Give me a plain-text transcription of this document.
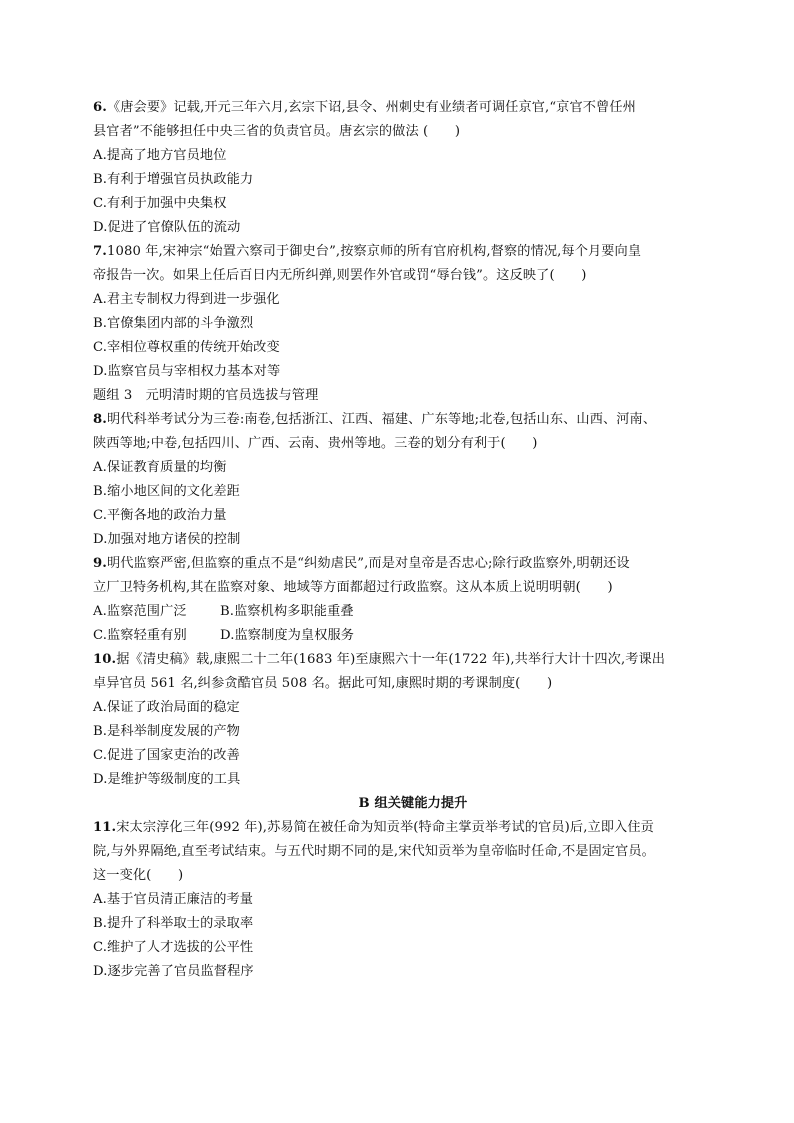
6.《唐会要》记载,开元三年六月,玄宗下诏,县令、州刺史有业绩者可调任京官,“京官不曾任州
县官者”不能够担任中央三省的负责官员。唐玄宗的做法 (　　)
A.提高了地方官员地位
B.有利于增强官员执政能力
C.有利于加强中央集权
D.促进了官僚队伍的流动
7.1080 年,宋神宗“始置六察司于御史台”,按察京师的所有官府机构,督察的情况,每个月要向皇
帝报告一次。如果上任后百日内无所纠弹,则罢作外官或罚“辱台钱”。这反映了(　　)
A.君主专制权力得到进一步强化
B.官僚集团内部的斗争激烈
C.宰相位尊权重的传统开始改变
D.监察官员与宰相权力基本对等
题组 3　元明清时期的官员选拔与管理
8.明代科举考试分为三卷:南卷,包括浙江、江西、福建、广东等地;北卷,包括山东、山西、河南、
陕西等地;中卷,包括四川、广西、云南、贵州等地。三卷的划分有利于(　　)
A.保证教育质量的均衡
B.缩小地区间的文化差距
C.平衡各地的政治力量
D.加强对地方诸侯的控制
9.明代监察严密,但监察的重点不是“纠劾虐民”,而是对皇帝是否忠心;除行政监察外,明朝还设
立厂卫特务机构,其在监察对象、地域等方面都超过行政监察。这从本质上说明明朝(　　)
A.监察范围广泛	B.监察机构多职能重叠
C.监察轻重有别	D.监察制度为皇权服务
10.据《清史稿》载,康熙二十二年(1683 年)至康熙六十一年(1722 年),共举行大计十四次,考课出
卓异官员 561 名,纠参贪酷官员 508 名。据此可知,康熙时期的考课制度(　　)
A.保证了政治局面的稳定
B.是科举制度发展的产物
C.促进了国家吏治的改善
D.是维护等级制度的工具
B 组关键能力提升
11.宋太宗淳化三年(992 年),苏易简在被任命为知贡举(特命主掌贡举考试的官员)后,立即入住贡
院,与外界隔绝,直至考试结束。与五代时期不同的是,宋代知贡举为皇帝临时任命,不是固定官员。
这一变化(　　)
A.基于官员清正廉洁的考量
B.提升了科举取士的录取率
C.维护了人才选拔的公平性
D.逐步完善了官员监督程序
